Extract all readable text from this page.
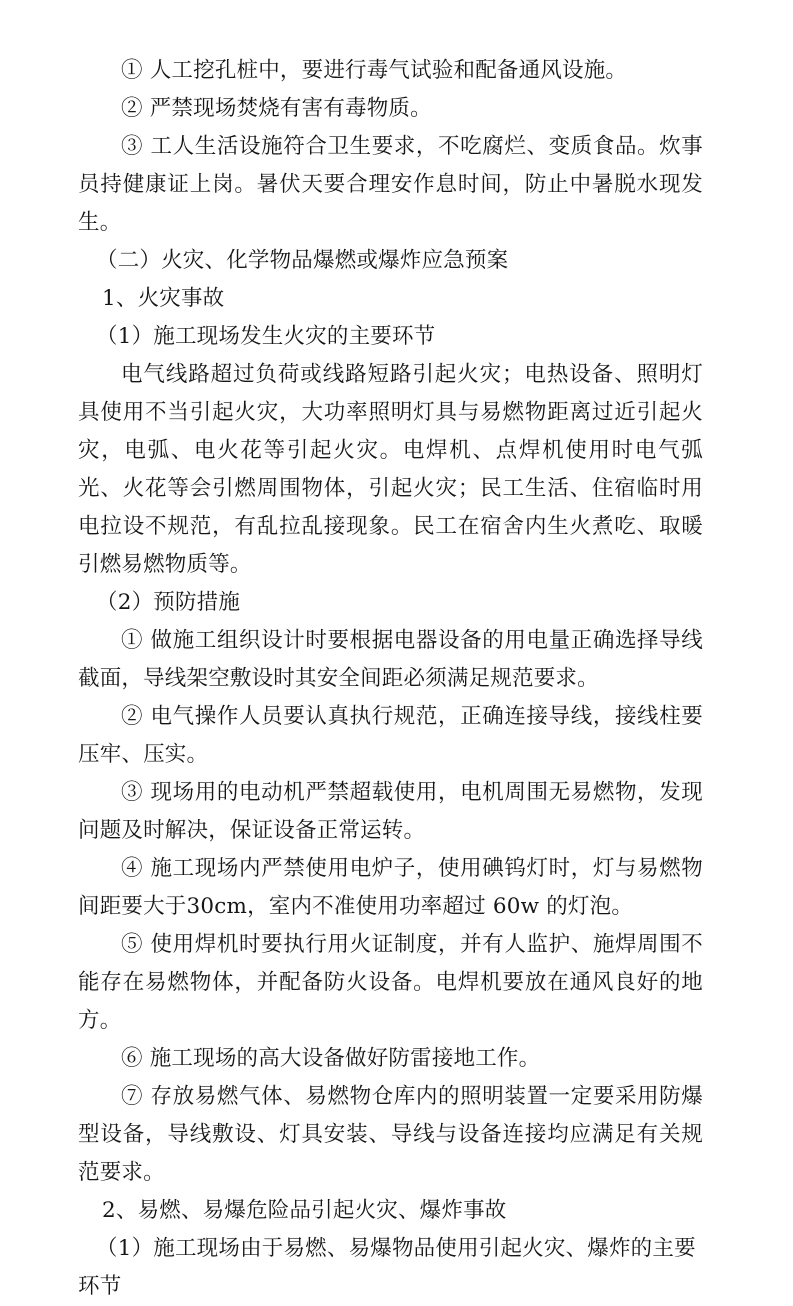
① 人工挖孔桩中，要进行毒气试验和配备通风设施。

② 严禁现场焚烧有害有毒物质。

③ 工人生活设施符合卫生要求，不吃腐烂、变质食品。炊事员持健康证上岗。暑伏天要合理安作息时间，防止中暑脱水现发生。

（二）火灾、化学物品爆燃或爆炸应急预案

1、火灾事故

（1）施工现场发生火灾的主要环节

电气线路超过负荷或线路短路引起火灾；电热设备、照明灯具使用不当引起火灾，大功率照明灯具与易燃物距离过近引起火灾，电弧、电火花等引起火灾。电焊机、点焊机使用时电气弧光、火花等会引燃周围物体，引起火灾；民工生活、住宿临时用电拉设不规范，有乱拉乱接现象。民工在宿舍内生火煮吃、取暖引燃易燃物质等。

（2）预防措施

① 做施工组织设计时要根据电器设备的用电量正确选择导线截面，导线架空敷设时其安全间距必须满足规范要求。

② 电气操作人员要认真执行规范，正确连接导线，接线柱要压牢、压实。

③ 现场用的电动机严禁超载使用，电机周围无易燃物，发现问题及时解决，保证设备正常运转。

④ 施工现场内严禁使用电炉子，使用碘钨灯时，灯与易燃物间距要大于30cm，室内不准使用功率超过 60w 的灯泡。

⑤ 使用焊机时要执行用火证制度，并有人监护、施焊周围不能存在易燃物体，并配备防火设备。电焊机要放在通风良好的地方。

⑥ 施工现场的高大设备做好防雷接地工作。

⑦ 存放易燃气体、易燃物仓库内的照明装置一定要采用防爆型设备，导线敷设、灯具安装、导线与设备连接均应满足有关规范要求。

2、易燃、易爆危险品引起火灾、爆炸事故

（1）施工现场由于易燃、易爆物品使用引起火灾、爆炸的主要环节
